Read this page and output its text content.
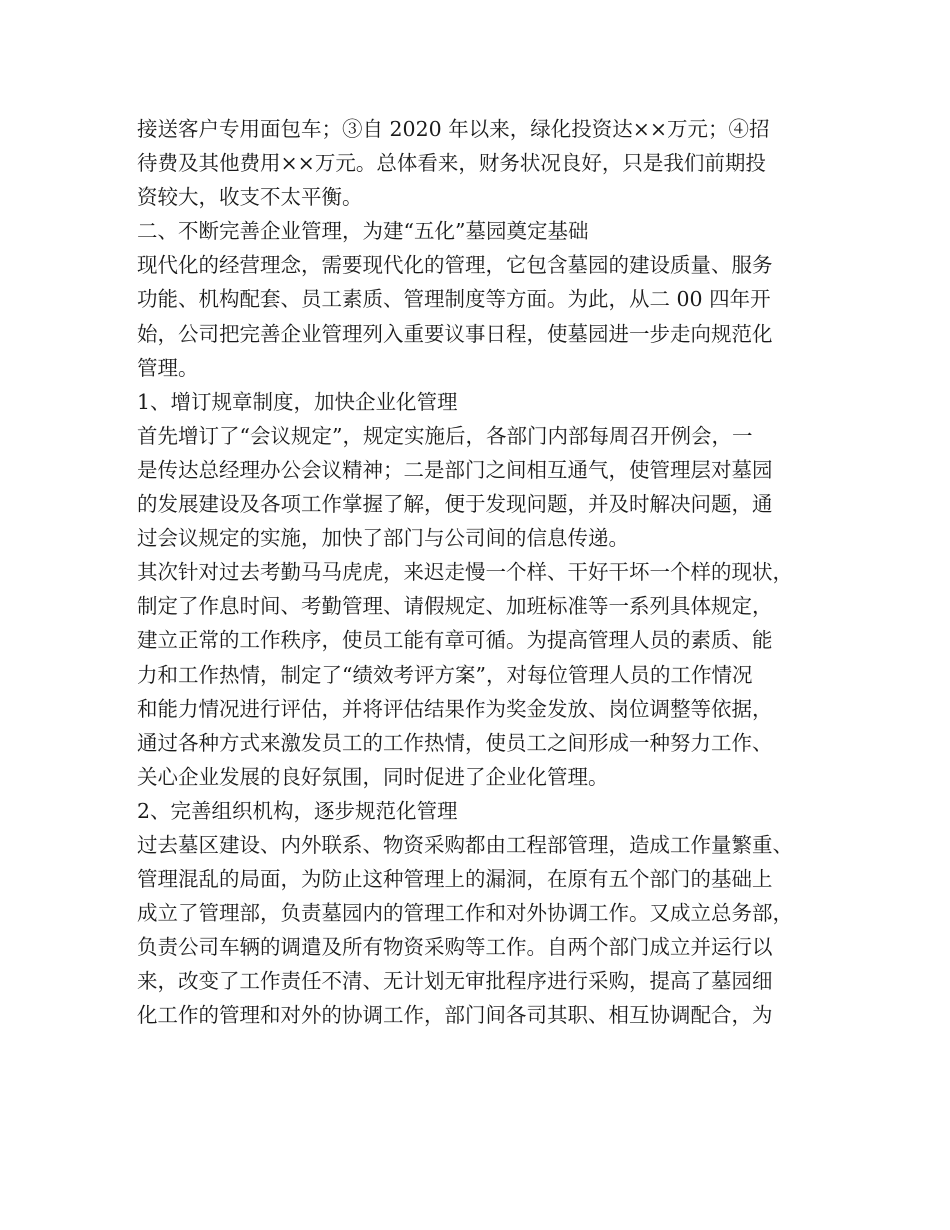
接送客户专用面包车；③自 2020 年以来，绿化投资达××万元；④招
待费及其他费用××万元。总体看来，财务状况良好，只是我们前期投
资较大，收支不太平衡。
二、不断完善企业管理，为建“五化”墓园奠定基础
现代化的经营理念，需要现代化的管理，它包含墓园的建设质量、服务
功能、机构配套、员工素质、管理制度等方面。为此，从二 00 四年开
始，公司把完善企业管理列入重要议事日程，使墓园进一步走向规范化
管理。
1、增订规章制度，加快企业化管理
首先增订了“会议规定”，规定实施后，各部门内部每周召开例会，一
是传达总经理办公会议精神；二是部门之间相互通气，使管理层对墓园
的发展建设及各项工作掌握了解，便于发现问题，并及时解决问题，通
过会议规定的实施，加快了部门与公司间的信息传递。
其次针对过去考勤马马虎虎，来迟走慢一个样、干好干坏一个样的现状，
制定了作息时间、考勤管理、请假规定、加班标准等一系列具体规定，
建立正常的工作秩序，使员工能有章可循。为提高管理人员的素质、能
力和工作热情，制定了“绩效考评方案”，对每位管理人员的工作情况
和能力情况进行评估，并将评估结果作为奖金发放、岗位调整等依据，
通过各种方式来激发员工的工作热情，使员工之间形成一种努力工作、
关心企业发展的良好氛围，同时促进了企业化管理。
2、完善组织机构，逐步规范化管理
过去墓区建设、内外联系、物资采购都由工程部管理，造成工作量繁重、
管理混乱的局面，为防止这种管理上的漏洞，在原有五个部门的基础上
成立了管理部，负责墓园内的管理工作和对外协调工作。又成立总务部，
负责公司车辆的调遣及所有物资采购等工作。自两个部门成立并运行以
来，改变了工作责任不清、无计划无审批程序进行采购，提高了墓园细
化工作的管理和对外的协调工作，部门间各司其职、相互协调配合，为
